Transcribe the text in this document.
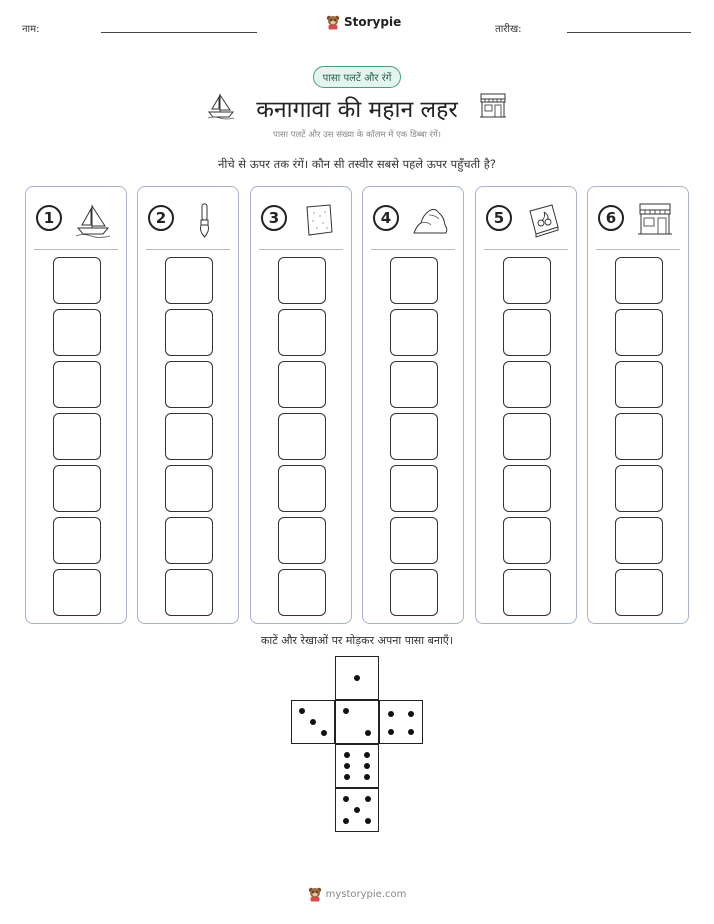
नाम:
Storypie
तारीख:
पासा पलटें और रंगें
कनागावा की महान लहर
पासा पलटें और उस संख्या के कॉलम में एक डिब्बा रंगें।
नीचे से ऊपर तक रंगें। कौन सी तस्वीर सबसे पहले ऊपर पहुँचती है?
1	2	3	4	5	6
काटें और रेखाओं पर मोड़कर अपना पासा बनाएँ।
mystorypie.com
